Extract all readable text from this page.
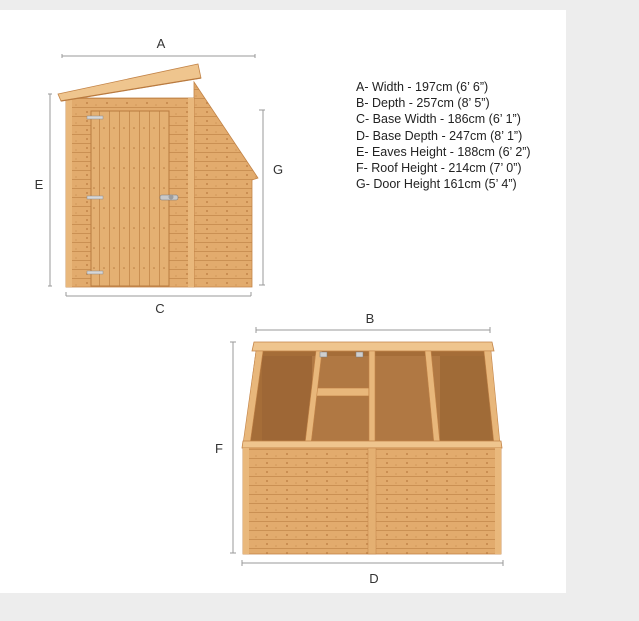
A
E
G
C
B
F
D
A- Width - 197cm (6’ 6”)
B- Depth - 257cm (8’ 5”)
C- Base Width - 186cm (6’ 1”)
D- Base Depth - 247cm (8’ 1”)
E- Eaves Height - 188cm (6’ 2”)
F- Roof Height - 214cm (7’ 0”)
G- Door Height 161cm (5’ 4”)
